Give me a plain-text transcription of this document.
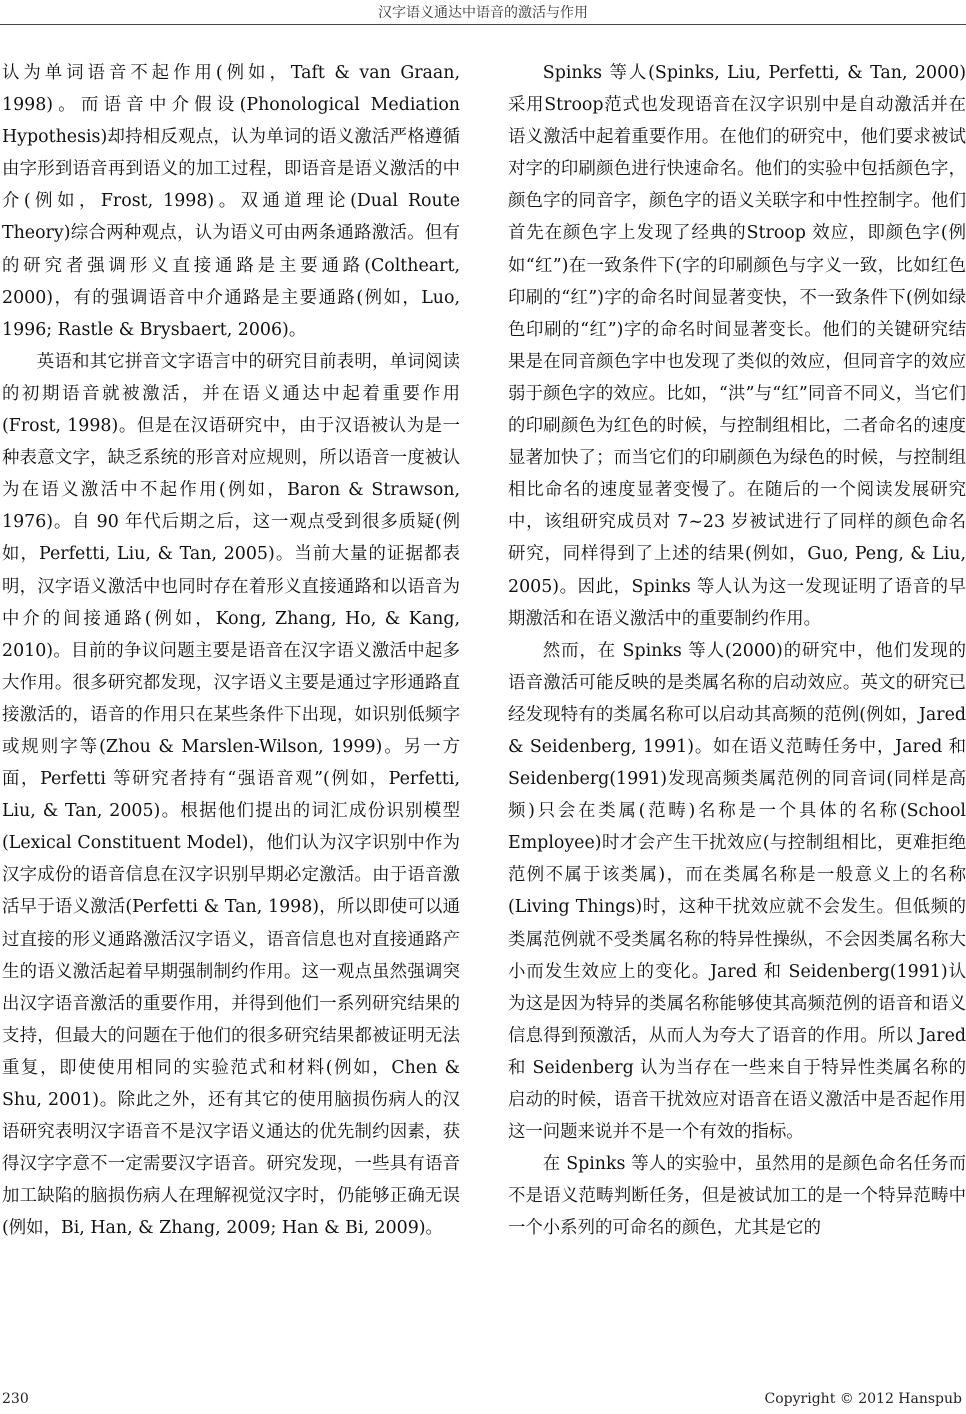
汉字语义通达中语音的激活与作用

认为单词语音不起作用(例如，Taft & van Graan, 1998)。而语音中介假设(Phonological Mediation Hypothesis)却持相反观点，认为单词的语义激活严格遵循由字形到语音再到语义的加工过程，即语音是语义激活的中介(例如，Frost, 1998)。双通道理论(Dual Route Theory)综合两种观点，认为语义可由两条通路激活。但有的研究者强调形义直接通路是主要通路(Coltheart, 2000)，有的强调语音中介通路是主要通路(例如，Luo, 1996; Rastle & Brysbaert, 2006)。

英语和其它拼音文字语言中的研究目前表明，单词阅读的初期语音就被激活，并在语义通达中起着重要作用(Frost, 1998)。但是在汉语研究中，由于汉语被认为是一种表意文字，缺乏系统的形音对应规则，所以语音一度被认为在语义激活中不起作用(例如，Baron & Strawson, 1976)。自 90 年代后期之后，这一观点受到很多质疑(例如，Perfetti, Liu, & Tan, 2005)。当前大量的证据都表明，汉字语义激活中也同时存在着形义直接通路和以语音为中介的间接通路(例如，Kong, Zhang, Ho, & Kang, 2010)。目前的争议问题主要是语音在汉字语义激活中起多大作用。很多研究都发现，汉字语义主要是通过字形通路直接激活的，语音的作用只在某些条件下出现，如识别低频字或规则字等(Zhou & Marslen-Wilson, 1999)。另一方面，Perfetti 等研究者持有“强语音观”(例如，Perfetti, Liu, & Tan, 2005)。根据他们提出的词汇成份识别模型(Lexical Constituent Model)，他们认为汉字识别中作为汉字成份的语音信息在汉字识别早期必定激活。由于语音激活早于语义激活(Perfetti & Tan, 1998)，所以即使可以通过直接的形义通路激活汉字语义，语音信息也对直接通路产生的语义激活起着早期强制制约作用。这一观点虽然强调突出汉字语音激活的重要作用，并得到他们一系列研究结果的支持，但最大的问题在于他们的很多研究结果都被证明无法重复，即使使用相同的实验范式和材料(例如，Chen & Shu, 2001)。除此之外，还有其它的使用脑损伤病人的汉语研究表明汉字语音不是汉字语义通达的优先制约因素，获得汉字字意不一定需要汉字语音。研究发现，一些具有语音加工缺陷的脑损伤病人在理解视觉汉字时，仍能够正确无误(例如，Bi, Han, & Zhang, 2009; Han & Bi, 2009)。

Spinks 等人(Spinks, Liu, Perfetti, & Tan, 2000)采用Stroop范式也发现语音在汉字识别中是自动激活并在语义激活中起着重要作用。在他们的研究中，他们要求被试对字的印刷颜色进行快速命名。他们的实验中包括颜色字，颜色字的同音字，颜色字的语义关联字和中性控制字。他们首先在颜色字上发现了经典的Stroop 效应，即颜色字(例如“红”)在一致条件下(字的印刷颜色与字义一致，比如红色印刷的“红”)字的命名时间显著变快，不一致条件下(例如绿色印刷的“红”)字的命名时间显著变长。他们的关键研究结果是在同音颜色字中也发现了类似的效应，但同音字的效应弱于颜色字的效应。比如，“洪”与“红”同音不同义，当它们的印刷颜色为红色的时候，与控制组相比，二者命名的速度显著加快了；而当它们的印刷颜色为绿色的时候，与控制组相比命名的速度显著变慢了。在随后的一个阅读发展研究中，该组研究成员对 7~23 岁被试进行了同样的颜色命名研究，同样得到了上述的结果(例如，Guo, Peng, & Liu, 2005)。因此，Spinks 等人认为这一发现证明了语音的早期激活和在语义激活中的重要制约作用。

然而，在 Spinks 等人(2000)的研究中，他们发现的语音激活可能反映的是类属名称的启动效应。英文的研究已经发现特有的类属名称可以启动其高频的范例(例如，Jared & Seidenberg, 1991)。如在语义范畴任务中，Jared 和 Seidenberg(1991)发现高频类属范例的同音词(同样是高频)只会在类属(范畴)名称是一个具体的名称(School Employee)时才会产生干扰效应(与控制组相比，更难拒绝范例不属于该类属)，而在类属名称是一般意义上的名称(Living Things)时，这种干扰效应就不会发生。但低频的类属范例就不受类属名称的特异性操纵，不会因类属名称大小而发生效应上的变化。Jared 和 Seidenberg(1991)认为这是因为特异的类属名称能够使其高频范例的语音和语义信息得到预激活，从而人为夸大了语音的作用。所以 Jared 和 Seidenberg 认为当存在一些来自于特异性类属名称的启动的时候，语音干扰效应对语音在语义激活中是否起作用这一问题来说并不是一个有效的指标。

在 Spinks 等人的实验中，虽然用的是颜色命名任务而不是语义范畴判断任务，但是被试加工的是一个特异范畴中一个小系列的可命名的颜色，尤其是它的

230	Copyright © 2012 Hanspub
